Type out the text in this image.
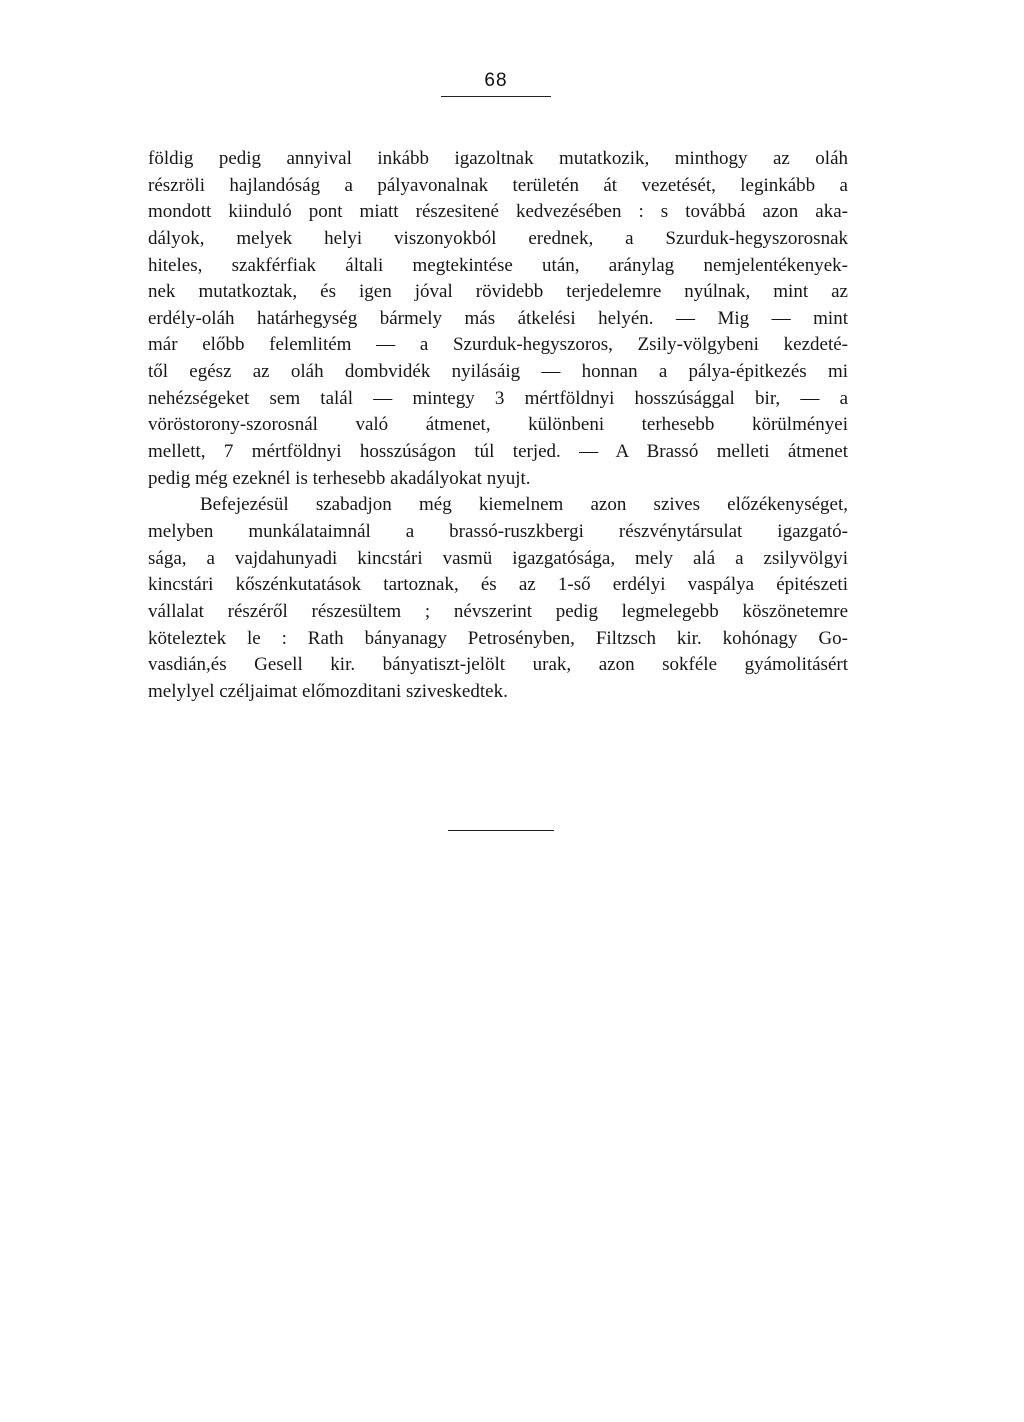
68
földig pedig annyival inkább igazoltnak mutatkozik, minthogy az oláh
részröli hajlandóság a pályavonalnak területén át vezetését, leginkább a
mondott kiinduló pont miatt részesitené kedvezésében : s továbbá azon aka-
dályok, melyek helyi viszonyokból erednek, a Szurduk-hegyszorosnak
hiteles, szakférfiak általi megtekintése után, aránylag nemjelentékenyek-
nek mutatkoztak, és igen jóval rövidebb terjedelemre nyúlnak, mint az
erdély-oláh határhegység bármely más átkelési helyén. — Mig — mint
már előbb felemlitém — a Szurduk-hegyszoros, Zsily-völgybeni kezdeté-
től egész az oláh dombvidék nyilásáig — honnan a pálya-épitkezés mi
nehézségeket sem talál — mintegy 3 mértföldnyi hosszúsággal bir, — a
vöröstorony-szorosnál való átmenet, különbeni terhesebb körülményei
mellett, 7 mértföldnyi hosszúságon túl terjed. — A Brassó melleti átmenet
pedig még ezeknél is terhesebb akadályokat nyujt.
Befejezésül szabadjon még kiemelnem azon szives előzékenységet,
melyben munkálataimnál a brassó-ruszkbergi részvénytársulat igazgató-
sága, a vajdahunyadi kincstári vasmü igazgatósága, mely alá a zsilyvölgyi
kincstári kőszénkutatások tartoznak, és az 1-ső erdélyi vaspálya épitészeti
vállalat részéről részesültem ; névszerint pedig legmelegebb köszönetemre
köteleztek le : Rath bányanagy Petrosényben, Filtzsch kir. kohónagy Go-
vasdián,és Gesell kir. bányatiszt-jelölt urak, azon sokféle gyámolitásért
melylyel czéljaimat előmozditani sziveskedtek.
